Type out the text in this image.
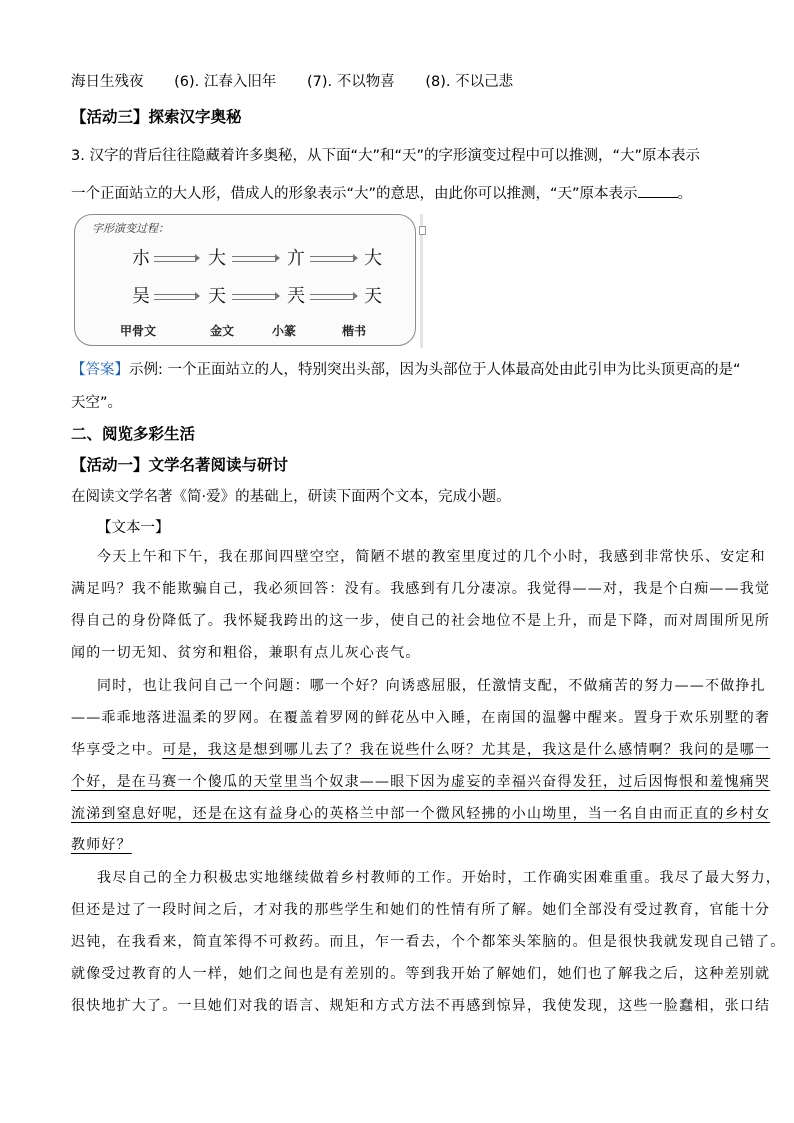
海日生残夜 (6). 江春入旧年 (7). 不以物喜 (8). 不以己悲
【活动三】探索汉字奥秘
3. 汉字的背后往往隐藏着许多奥秘，从下面“大”和“天”的字形演变过程中可以推测，“大”原本表示
一个正面站立的大人形，借成人的形象表示“大”的意思，由此你可以推测，“天”原本表示	。
字形演变过程：
朩	大	亣	大
吴	天	兲	天
甲骨文	金文	小篆	楷书
【答案】示例: 一个正面站立的人，特别突出头部，因为头部位于人体最高处由此引申为比头顶更高的是“
天空”。
二、阅览多彩生活
【活动一】文学名著阅读与研讨
在阅读文学名著《简·爱》的基础上，研读下面两个文本，完成小题。
【文本一】
今天上午和下午，我在那间四壁空空，简陋不堪的教室里度过的几个小时，我感到非常快乐、安定和
满足吗？我不能欺骗自己，我必须回答：没有。我感到有几分凄凉。我觉得——对，我是个白痴——我觉
得自己的身份降低了。我怀疑我跨出的这一步，使自己的社会地位不是上升，而是下降，而对周围所见所
闻的一切无知、贫穷和粗俗，兼职有点儿灰心丧气。
同时，也让我问自己一个问题：哪一个好？向诱惑屈服，任激情支配，不做痛苦的努力——不做挣扎
——乖乖地落进温柔的罗网。在覆盖着罗网的鲜花丛中入睡，在南国的温馨中醒来。置身于欢乐别墅的奢
华享受之中。可是，我这是想到哪儿去了？我在说些什么呀？尤其是，我这是什么感情啊？我问的是哪一
个好，是在马赛一个傻瓜的天堂里当个奴隶——眼下因为虚妄的幸福兴奋得发狂，过后因悔恨和羞愧痛哭
流涕到窒息好呢，还是在这有益身心的英格兰中部一个微风轻拂的小山坳里，当一名自由而正直的乡村女
教师好？
我尽自己的全力积极忠实地继续做着乡村教师的工作。开始时，工作确实困难重重。我尽了最大努力，
但还是过了一段时间之后，才对我的那些学生和她们的性情有所了解。她们全部没有受过教育，官能十分
迟钝，在我看来，简直笨得不可救药。而且，乍一看去，个个都笨头笨脑的。但是很快我就发现自己错了。
就像受过教育的人一样，她们之间也是有差别的。等到我开始了解她们，她们也了解我之后，这种差别就
很快地扩大了。一旦她们对我的语言、规矩和方式方法不再感到惊异，我使发现，这些一脸蠢相，张口结
